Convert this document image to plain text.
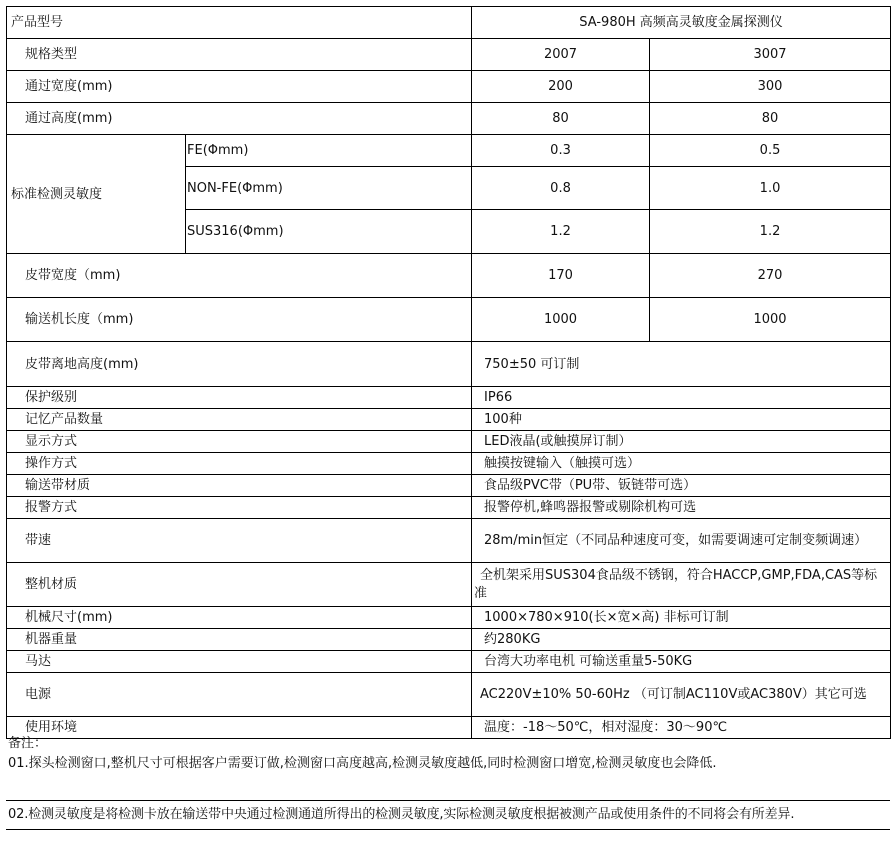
产品型号		SA-980H 高频高灵敏度金属探测仪	
规格类型		2007	3007
通过宽度(mm)		200	300
通过高度(mm)		80	80
标准检测灵敏度	FE(Φmm)	0.3	0.5
	NON-FE(Φmm)	0.8	1.0
	SUS316(Φmm)	1.2	1.2
皮带宽度（mm)		170	270
输送机长度（mm)		1000	1000
皮带离地高度(mm)		750±50 可订制	
保护级别		IP66	
记忆产品数量		100种	
显示方式		LED液晶(或触摸屏订制）	
操作方式		触摸按键输入（触摸可选）	
输送带材质		食品级PVC带（PU带、钣链带可选）	
报警方式		报警停机,蜂鸣器报警或剔除机构可选	
带速		28m/min恒定（不同品种速度可变，如需要调速可定制变频调速）	
整机材质		全机架采用SUS304食品级不锈钢，符合HACCP,GMP,FDA,CAS等标准	
机械尺寸(mm)		1000×780×910(长×宽×高) 非标可订制	
机器重量		约280KG	
马达		台湾大功率电机 可输送重量5-50KG	
电源		AC220V±10% 50-60Hz （可订制AC110V或AC380V）其它可选	
使用环境		温度：-18～50℃，相对湿度：30～90℃	
备注：
01.探头检测窗口,整机尺寸可根据客户需要订做,检测窗口高度越高,检测灵敏度越低,同时检测窗口增宽,检测灵敏度也会降低.
02.检测灵敏度是将检测卡放在输送带中央通过检测通道所得出的检测灵敏度,实际检测灵敏度根据被测产品或使用条件的不同将会有所差异.
